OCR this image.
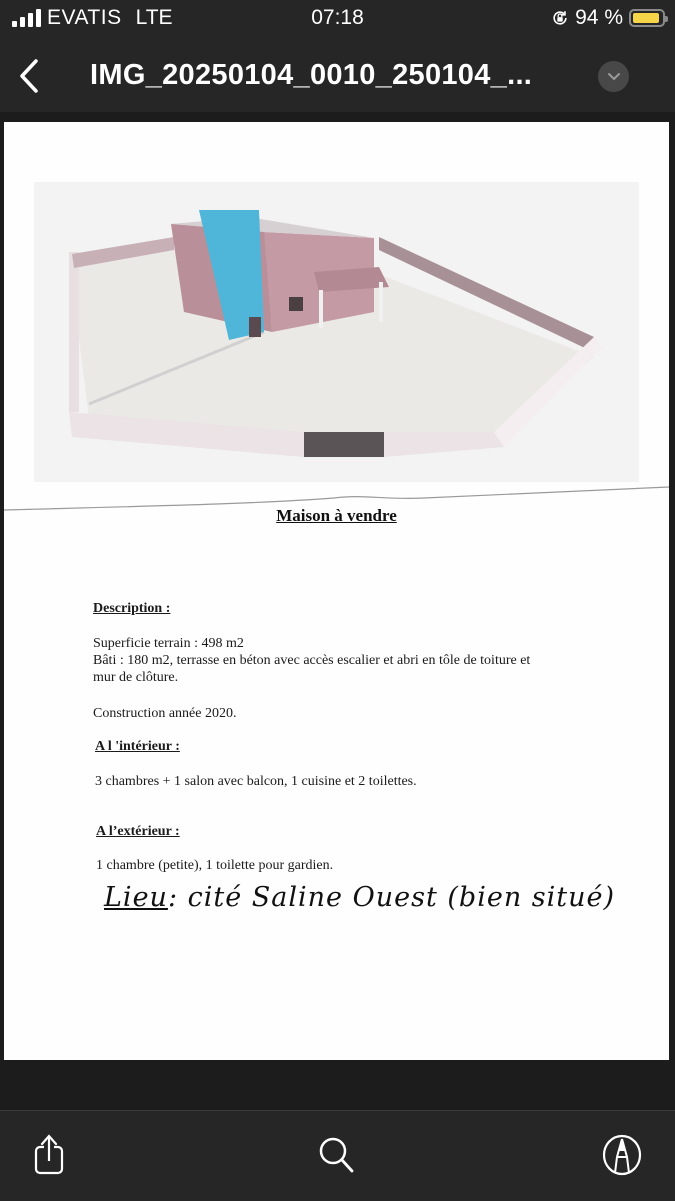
EVATIS LTE	07:18	94 %
IMG_20250104_0010_250104_...
Maison à vendre
Description :
Superficie terrain : 498 m2
Bâti : 180 m2, terrasse en béton avec accès escalier et abri en tôle de toiture et
mur de clôture.
Construction année 2020.
A l 'intérieur :
3 chambres + 1 salon avec balcon, 1 cuisine et 2 toilettes.
A l’extérieur :
1 chambre (petite), 1 toilette pour gardien.
Lieu: cité Saline Ouest (bien situé)
